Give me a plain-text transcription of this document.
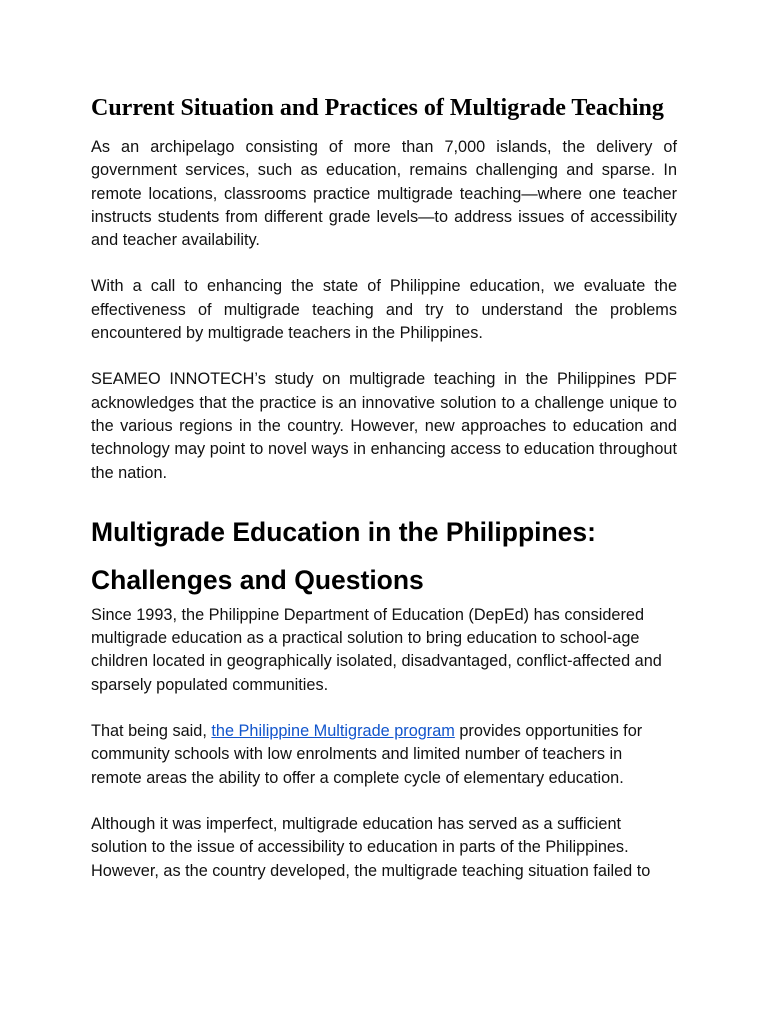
Current Situation and Practices of Multigrade Teaching

As an archipelago consisting of more than 7,000 islands, the delivery of government services, such as education, remains challenging and sparse. In remote locations, classrooms practice multigrade teaching—where one teacher instructs students from different grade levels—to address issues of accessibility and teacher availability.

With a call to enhancing the state of Philippine education, we evaluate the effectiveness of multigrade teaching and try to understand the problems encountered by multigrade teachers in the Philippines.

SEAMEO INNOTECH’s study on multigrade teaching in the Philippines PDF acknowledges that the practice is an innovative solution to a challenge unique to the various regions in the country. However, new approaches to education and technology may point to novel ways in enhancing access to education throughout the nation.

Multigrade Education in the Philippines: Challenges and Questions

Since 1993, the Philippine Department of Education (DepEd) has considered multigrade education as a practical solution to bring education to school-age children located in geographically isolated, disadvantaged, conflict-affected and sparsely populated communities.

That being said, the Philippine Multigrade program provides opportunities for community schools with low enrolments and limited number of teachers in remote areas the ability to offer a complete cycle of elementary education.

Although it was imperfect, multigrade education has served as a sufficient solution to the issue of accessibility to education in parts of the Philippines. However, as the country developed, the multigrade teaching situation failed to
